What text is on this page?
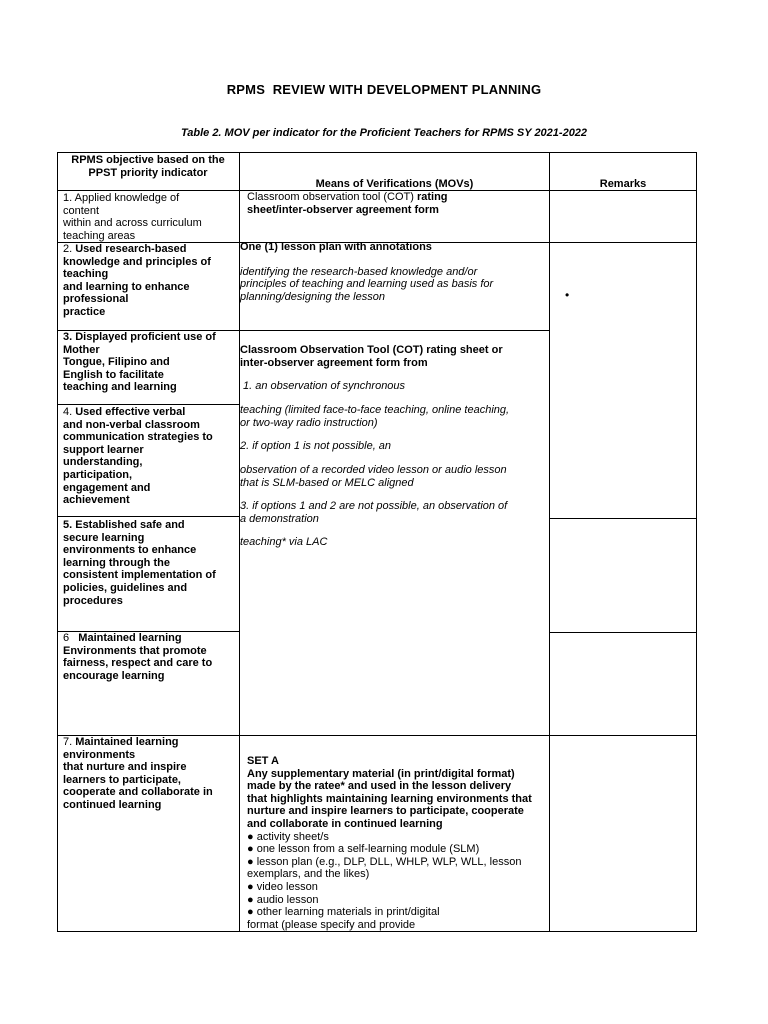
RPMS  REVIEW WITH DEVELOPMENT PLANNING
Table 2. MOV per indicator for the Proficient Teachers for RPMS SY 2021-2022
RPMS objective based on the PPST priority indicator
Means of Verifications (MOVs)	Remarks
1. Applied knowledge of
content
within and across curriculum
teaching areas
2. Used research-based
knowledge and principles of
teaching
and learning to enhance
professional
practice
3. Displayed proficient use of
Mother
Tongue, Filipino and
English to facilitate
teaching and learning
4. Used effective verbal
and non-verbal classroom
communication strategies to
support learner
understanding,
participation,
engagement and
achievement
5. Established safe and
secure learning
environments to enhance
learning through the
consistent implementation of
policies, guidelines and
procedures
6   Maintained learning
Environments that promote
fairness, respect and care to
encourage learning
7. Maintained learning
environments
that nurture and inspire
learners to participate,
cooperate and collaborate in
continued learning
Classroom observation tool (COT) rating
sheet/inter-observer agreement form
One (1) lesson plan with annotations
identifying the research-based knowledge and/or
principles of teaching and learning used as basis for
planning/designing the lesson
Classroom Observation Tool (COT) rating sheet or
inter-observer agreement form from
1. an observation of synchronous
teaching (limited face-to-face teaching, online teaching,
or two-way radio instruction)
2. if option 1 is not possible, an
observation of a recorded video lesson or audio lesson
that is SLM-based or MELC aligned
3. if options 1 and 2 are not possible, an observation of
a demonstration
teaching* via LAC
SET A
Any supplementary material (in print/digital format)
made by the ratee* and used in the lesson delivery
that highlights maintaining learning environments that
nurture and inspire learners to participate, cooperate
and collaborate in continued learning
● activity sheet/s
● one lesson from a self-learning module (SLM)
● lesson plan (e.g., DLP, DLL, WHLP, WLP, WLL, lesson
exemplars, and the likes)
● video lesson
● audio lesson
● other learning materials in print/digital
format (please specify and provide
•
